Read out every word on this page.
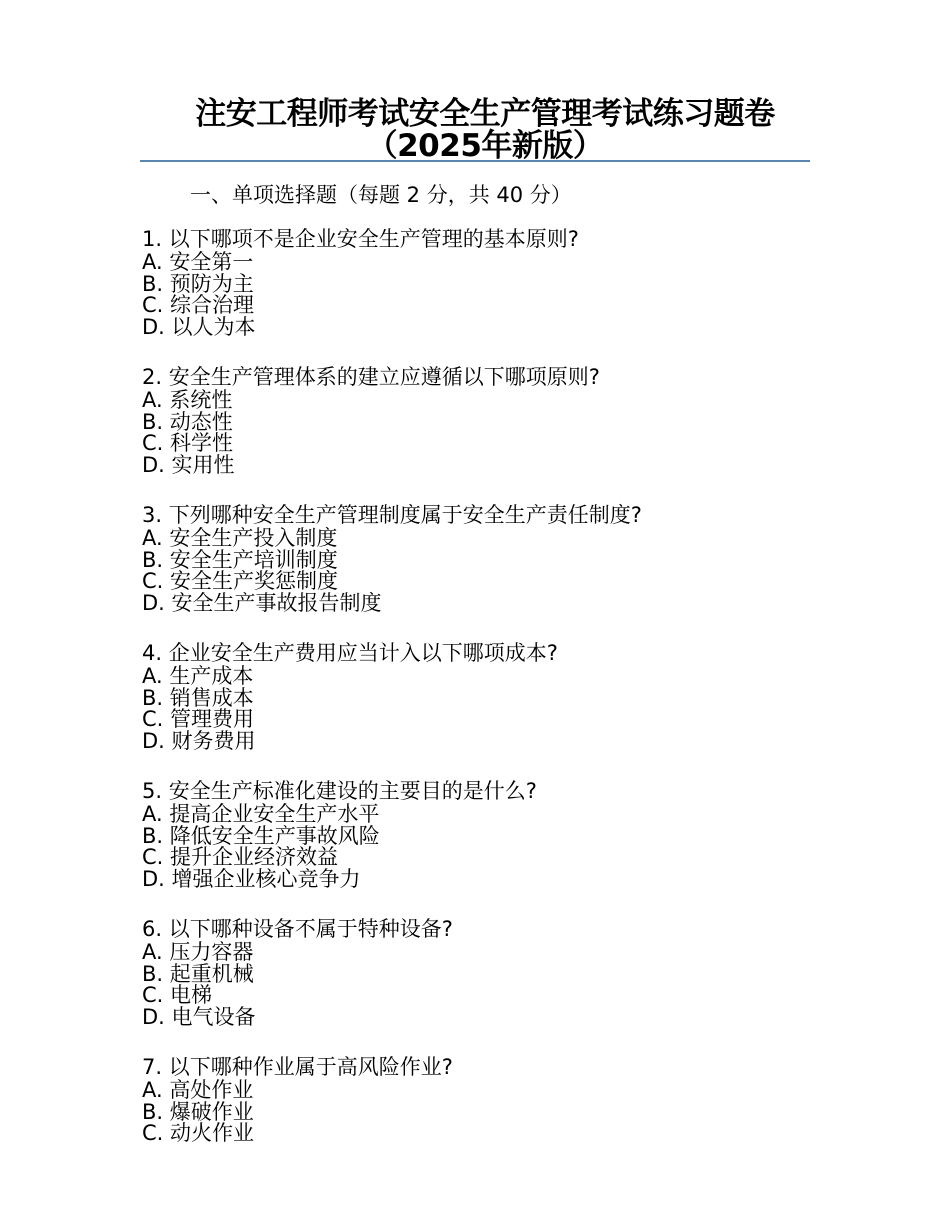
注安工程师考试安全生产管理考试练习题卷（2025年新版）
一、单项选择题（每题 2 分，共 40 分）
1. 以下哪项不是企业安全生产管理的基本原则?
A. 安全第一
B. 预防为主
C. 综合治理
D. 以人为本
2. 安全生产管理体系的建立应遵循以下哪项原则?
A. 系统性
B. 动态性
C. 科学性
D. 实用性
3. 下列哪种安全生产管理制度属于安全生产责任制度?
A. 安全生产投入制度
B. 安全生产培训制度
C. 安全生产奖惩制度
D. 安全生产事故报告制度
4. 企业安全生产费用应当计入以下哪项成本?
A. 生产成本
B. 销售成本
C. 管理费用
D. 财务费用
5. 安全生产标准化建设的主要目的是什么?
A. 提高企业安全生产水平
B. 降低安全生产事故风险
C. 提升企业经济效益
D. 增强企业核心竞争力
6. 以下哪种设备不属于特种设备?
A. 压力容器
B. 起重机械
C. 电梯
D. 电气设备
7. 以下哪种作业属于高风险作业?
A. 高处作业
B. 爆破作业
C. 动火作业
